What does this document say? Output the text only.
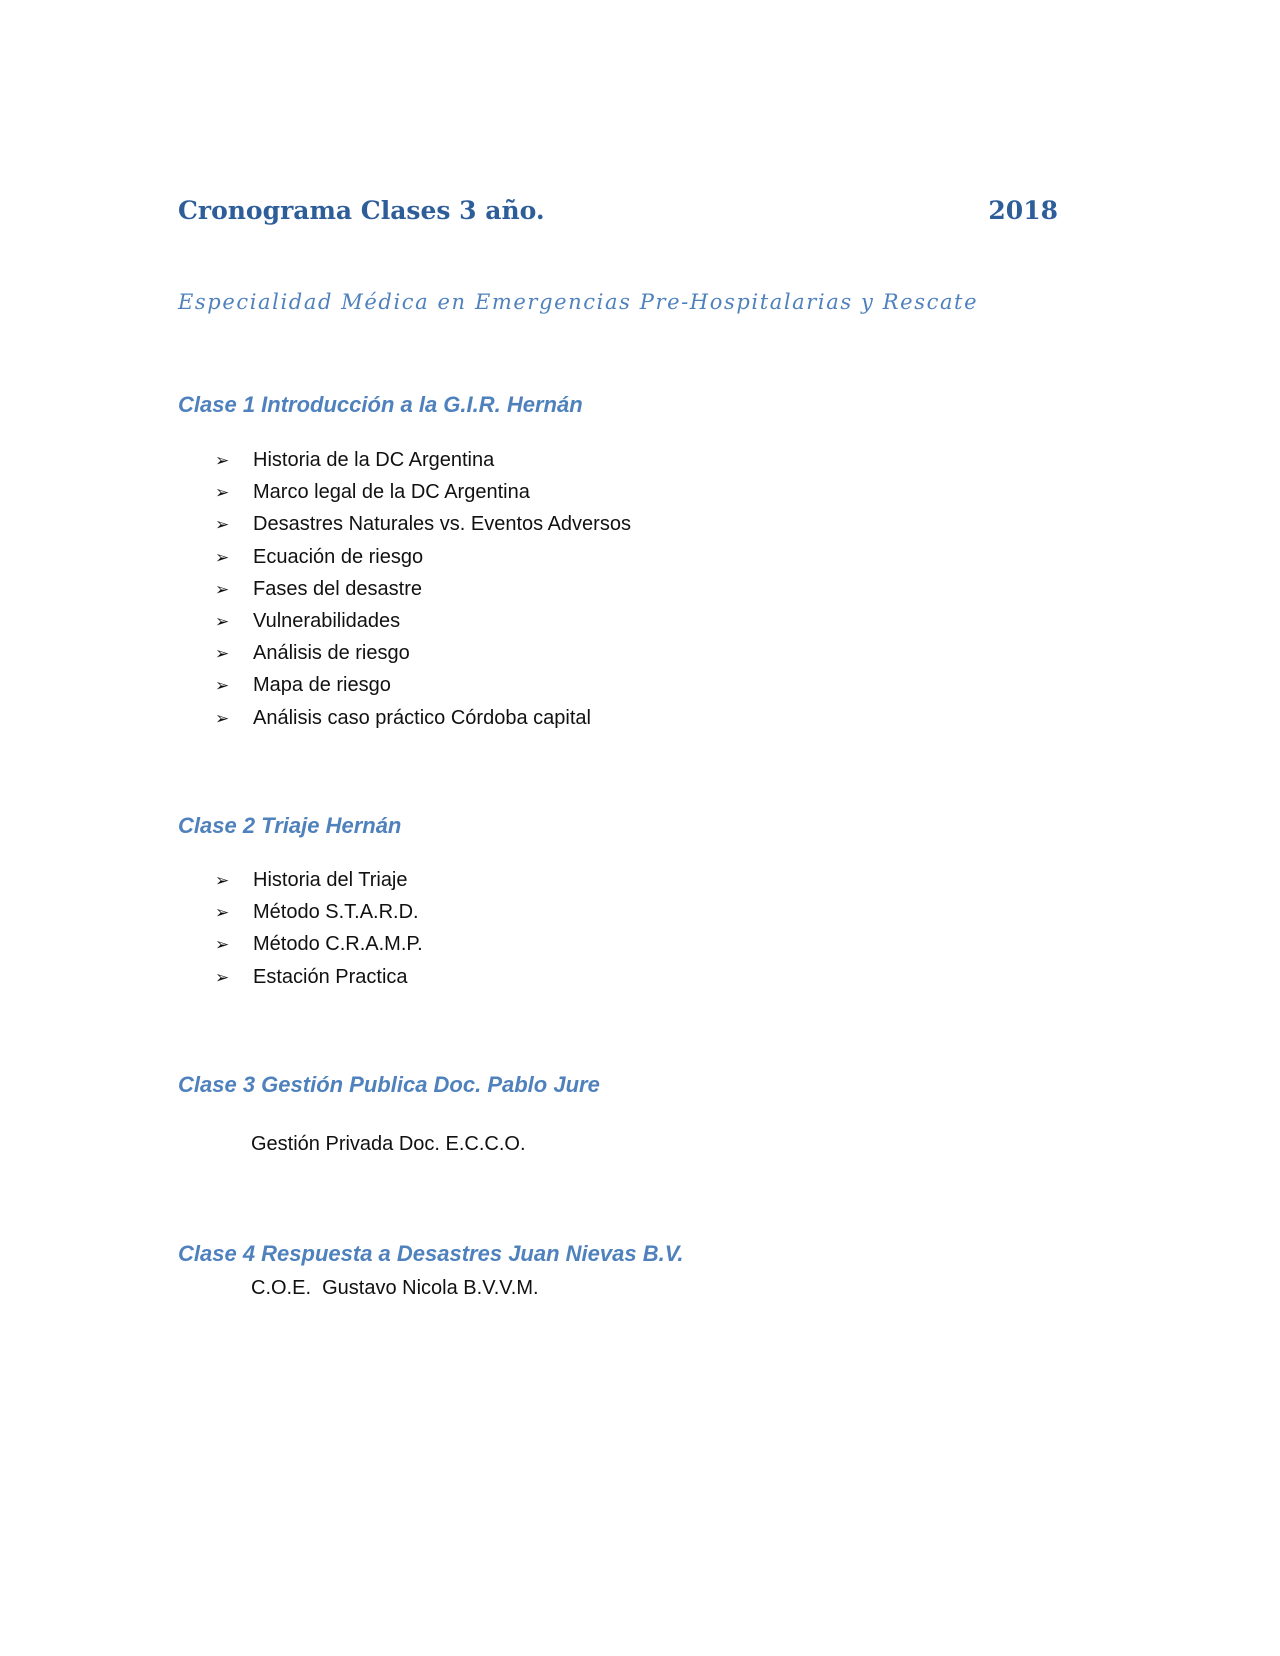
Cronograma Clases 3 año.	2018
Especialidad Médica en Emergencias Pre-Hospitalarias y Rescate
Clase 1 Introducción a la G.I.R. Hernán
➢ Historia de la DC Argentina
➢ Marco legal de la DC Argentina
➢ Desastres Naturales vs. Eventos Adversos
➢ Ecuación de riesgo
➢ Fases del desastre
➢ Vulnerabilidades
➢ Análisis de riesgo
➢ Mapa de riesgo
➢ Análisis caso práctico Córdoba capital
Clase 2 Triaje Hernán
➢ Historia del Triaje
➢ Método S.T.A.R.D.
➢ Método C.R.A.M.P.
➢ Estación Practica
Clase 3 Gestión Publica Doc. Pablo Jure
Gestión Privada Doc. E.C.C.O.
Clase 4 Respuesta a Desastres Juan Nievas B.V.
C.O.E.  Gustavo Nicola B.V.V.M.
